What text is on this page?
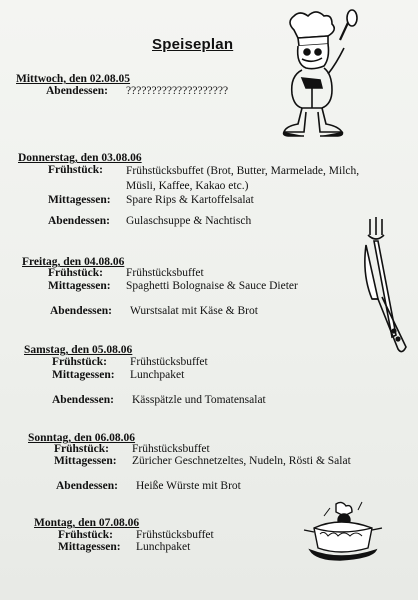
Speiseplan
Mittwoch, den 02.08.05
Abendessen: ????????????????????
Donnerstag, den 03.08.06
Frühstück:	Frühstücksbuffet (Brot, Butter, Marmelade, Milch,
Müsli, Kaffee, Kakao etc.)
Mittagessen: Spare Rips & Kartoffelsalat
Abendessen: Gulaschsuppe & Nachtisch
Freitag, den 04.08.06
Frühstück: Frühstücksbuffet
Mittagessen: Spaghetti Bolognaise & Sauce Dieter
Abendessen: Wurstsalat mit Käse & Brot
Samstag, den 05.08.06
Frühstück: Frühstücksbuffet
Mittagessen: Lunchpaket
Abendessen: Kässpätzle und Tomatensalat
Sonntag, den 06.08.06
Frühstück: Frühstücksbuffet
Mittagessen: Züricher Geschnetzeltes, Nudeln, Rösti & Salat
Abendessen: Heiße Würste mit Brot
Montag, den 07.08.06
Frühstück: Frühstücksbuffet
Mittagessen: Lunchpaket
